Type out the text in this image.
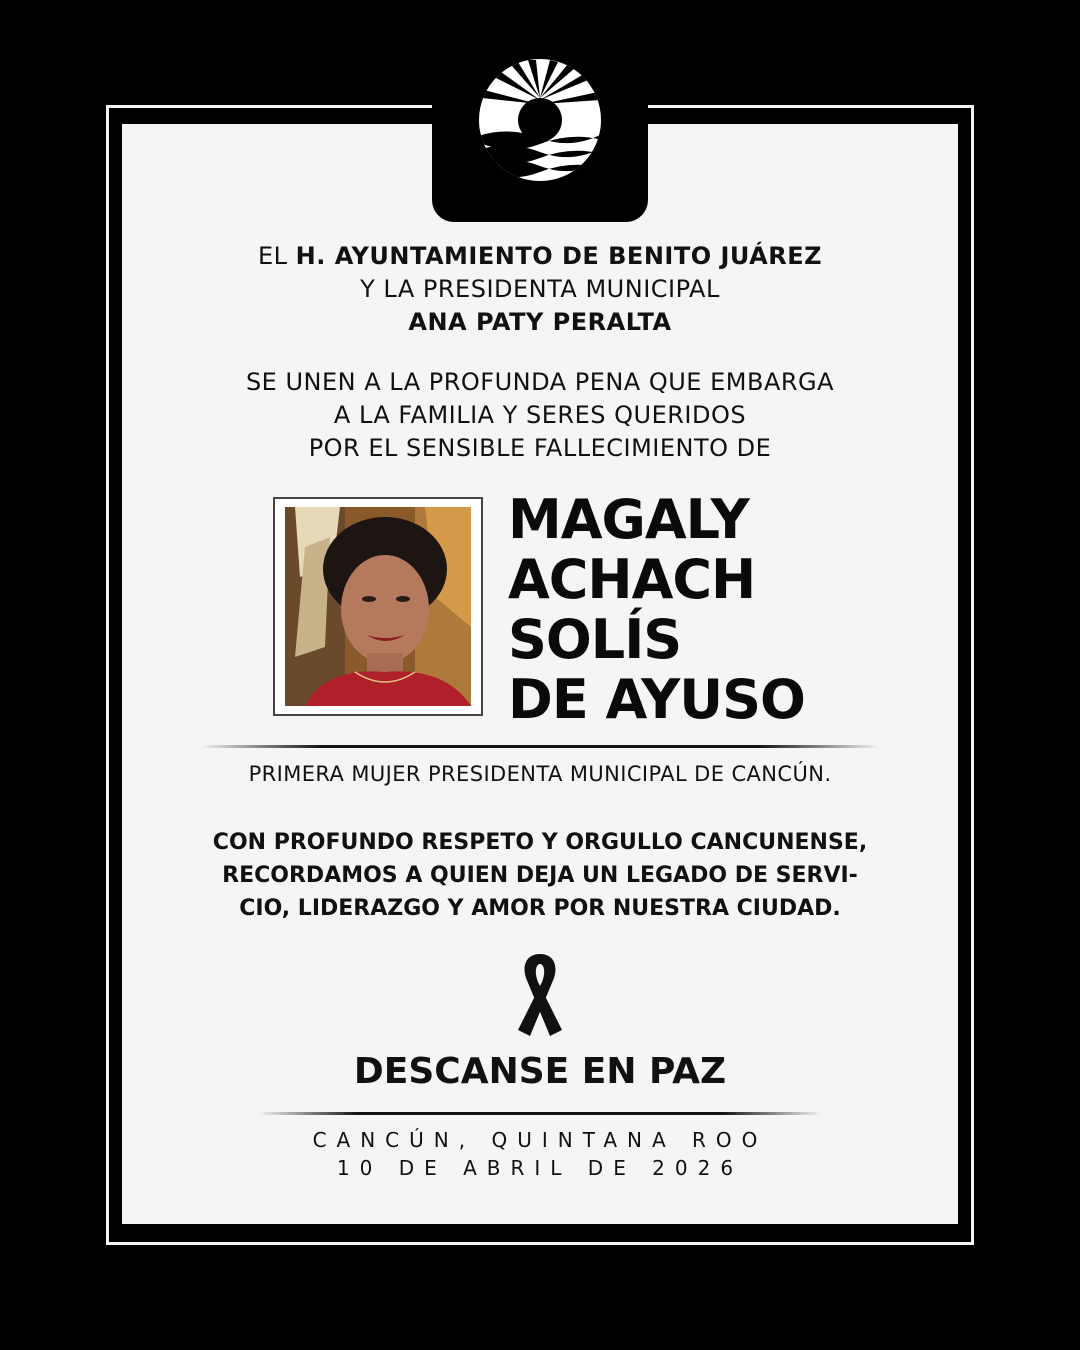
EL H. AYUNTAMIENTO DE BENITO JUÁREZ
Y LA PRESIDENTA MUNICIPAL
ANA PATY PERALTA
SE UNEN A LA PROFUNDA PENA QUE EMBARGA
A LA FAMILIA Y SERES QUERIDOS
POR EL SENSIBLE FALLECIMIENTO DE
MAGALY
ACHACH
SOLÍS
DE AYUSO
PRIMERA MUJER PRESIDENTA MUNICIPAL DE CANCÚN.
CON PROFUNDO RESPETO Y ORGULLO CANCUNENSE,
RECORDAMOS A QUIEN DEJA UN LEGADO DE SERVI-
CIO, LIDERAZGO Y AMOR POR NUESTRA CIUDAD.
DESCANSE EN PAZ
CANCÚN, QUINTANA ROO
10 DE ABRIL DE 2026
